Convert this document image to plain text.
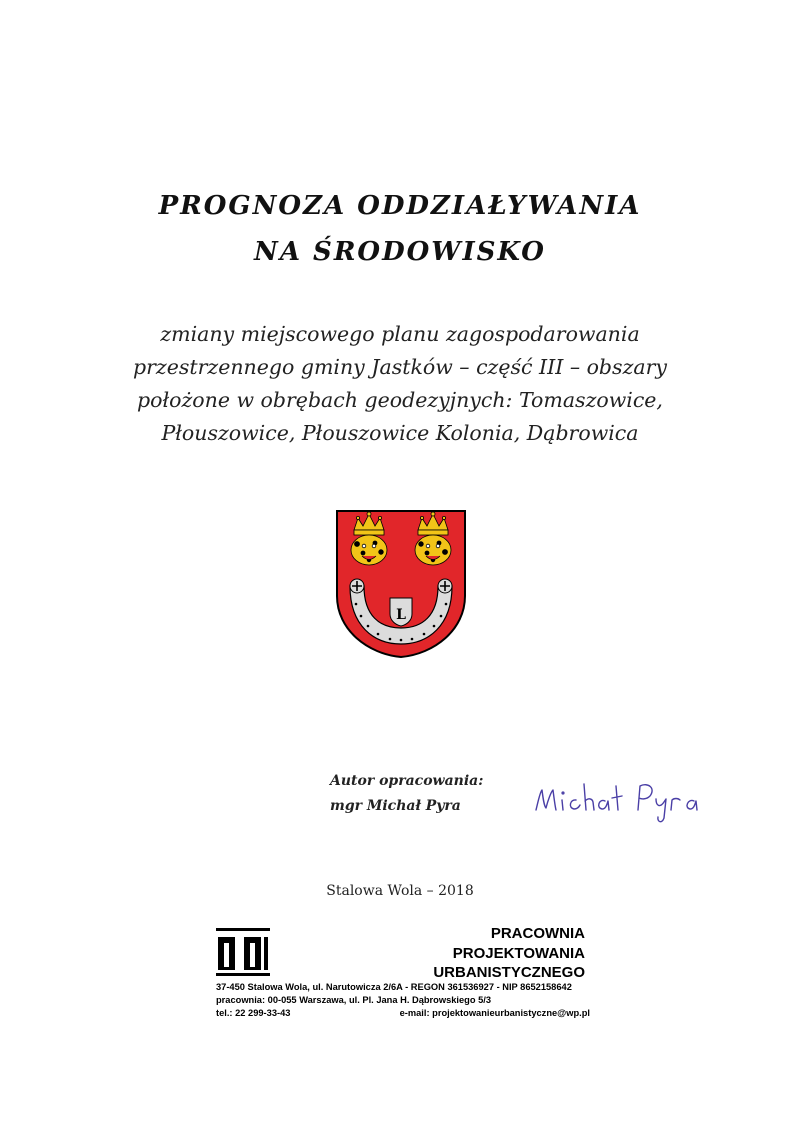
PROGNOZA ODDZIAŁYWANIA
NA ŚRODOWISKO
zmiany miejscowego planu zagospodarowania
przestrzennego gminy Jastków – część III – obszary
położone w obrębach geodezyjnych: Tomaszowice,
Płouszowice, Płouszowice Kolonia, Dąbrowica
L
Autor opracowania:
mgr Michał Pyra
Stalowa Wola – 2018
PRACOWNIA
PROJEKTOWANIA
URBANISTYCZNEGO
37-450 Stalowa Wola, ul. Narutowicza 2/6A - REGON 361536927 - NIP 8652158642
pracownia: 00-055 Warszawa, ul. Pl. Jana H. Dąbrowskiego 5/3
tel.: 22 299-33-43	e-mail: projektowanieurbanistyczne@wp.pl
